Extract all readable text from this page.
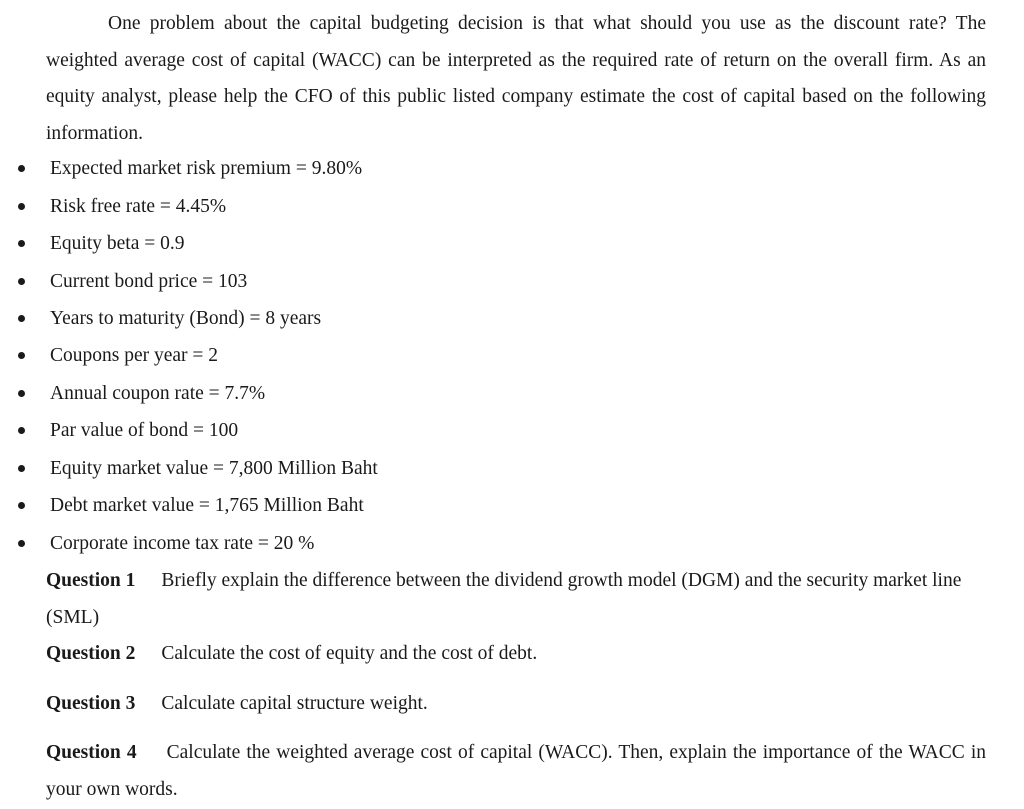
One problem about the capital budgeting decision is that what should you use as the discount rate? The weighted average cost of capital (WACC) can be interpreted as the required rate of return on the overall firm. As an equity analyst, please help the CFO of this public listed company estimate the cost of capital based on the following information.

Expected market risk premium = 9.80%
Risk free rate = 4.45%
Equity beta = 0.9
Current bond price = 103
Years to maturity (Bond) = 8 years
Coupons per year = 2
Annual coupon rate = 7.7%
Par value of bond = 100
Equity market value = 7,800 Million Baht
Debt market value = 1,765 Million Baht
Corporate income tax rate = 20 %
Question 1 Briefly explain the difference between the dividend growth model (DGM) and the security market line (SML)
Question 2 Calculate the cost of equity and the cost of debt.
Question 3 Calculate capital structure weight.
Question 4 Calculate the weighted average cost of capital (WACC). Then, explain the importance of the WACC in your own words.
